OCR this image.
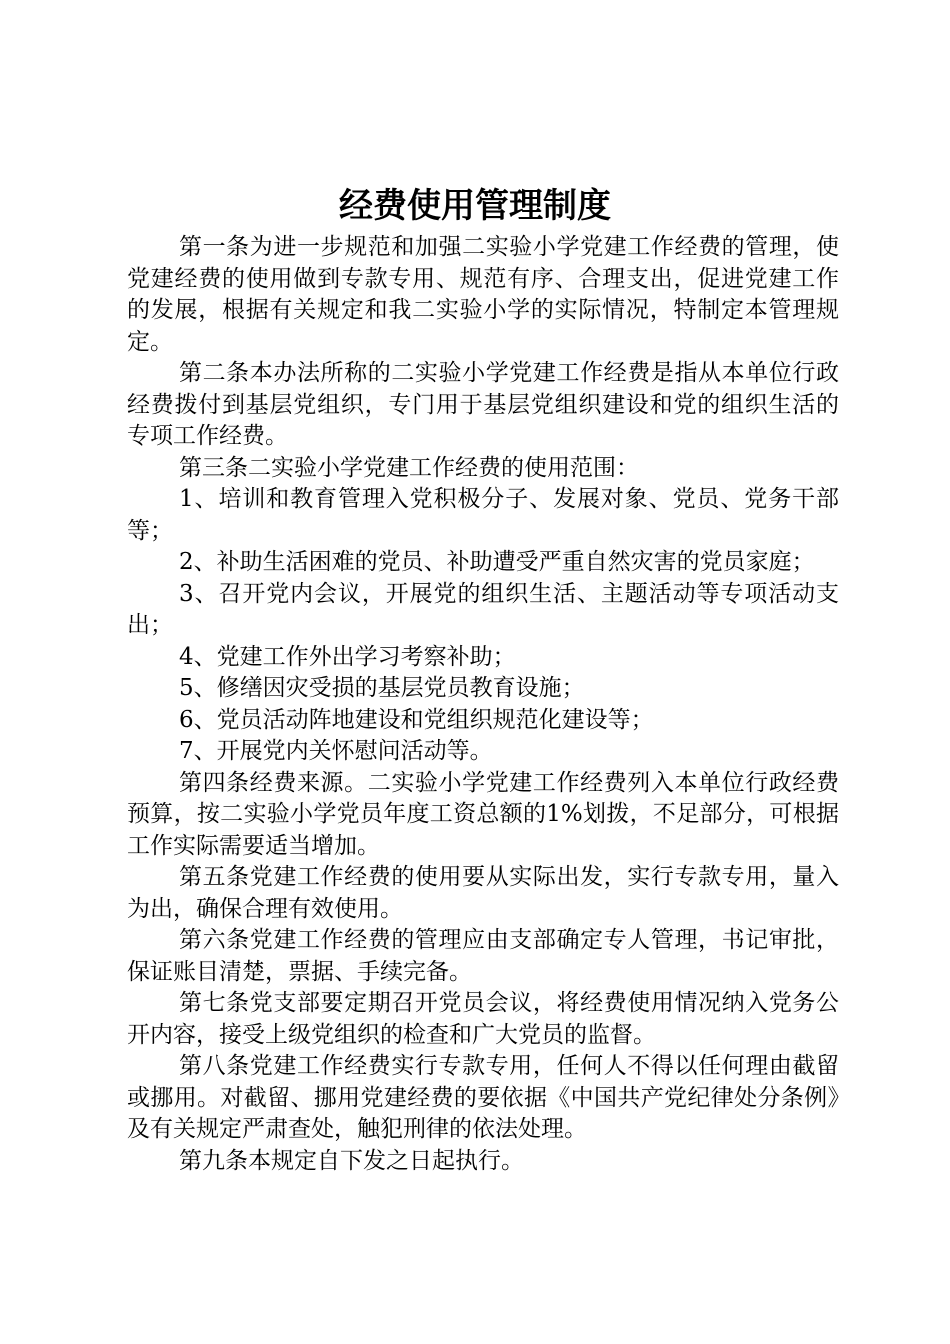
经费使用管理制度

第一条为进一步规范和加强二实验小学党建工作经费的管理，使党建经费的使用做到专款专用、规范有序、合理支出，促进党建工作的发展，根据有关规定和我二实验小学的实际情况，特制定本管理规定。

第二条本办法所称的二实验小学党建工作经费是指从本单位行政经费拨付到基层党组织，专门用于基层党组织建设和党的组织生活的专项工作经费。

第三条二实验小学党建工作经费的使用范围：

1、培训和教育管理入党积极分子、发展对象、党员、党务干部等；

2、补助生活困难的党员、补助遭受严重自然灾害的党员家庭；

3、召开党内会议，开展党的组织生活、主题活动等专项活动支出；

4、党建工作外出学习考察补助；

5、修缮因灾受损的基层党员教育设施；

6、党员活动阵地建设和党组织规范化建设等；

7、开展党内关怀慰问活动等。

第四条经费来源。二实验小学党建工作经费列入本单位行政经费预算，按二实验小学党员年度工资总额的1%划拨，不足部分，可根据工作实际需要适当增加。

第五条党建工作经费的使用要从实际出发，实行专款专用，量入为出，确保合理有效使用。

第六条党建工作经费的管理应由支部确定专人管理，书记审批，保证账目清楚，票据、手续完备。

第七条党支部要定期召开党员会议，将经费使用情况纳入党务公开内容，接受上级党组织的检查和广大党员的监督。

第八条党建工作经费实行专款专用，任何人不得以任何理由截留或挪用。对截留、挪用党建经费的要依据《中国共产党纪律处分条例》及有关规定严肃查处，触犯刑律的依法处理。

第九条本规定自下发之日起执行。
